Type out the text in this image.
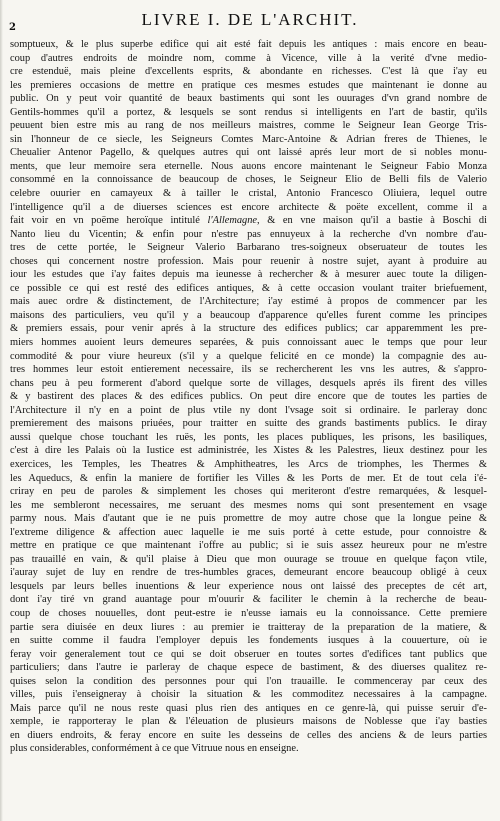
2	LIVRE I. DE L'ARCHIT.
somptueux, & le plus superbe edifice qui ait esté fait depuis les antiques : mais encore en beau-
coup d'autres endroits de moindre nom, comme à Vicence, ville à la verité d'vne medio-
cre estenduë, mais pleine d'excellents esprits, & abondante en richesses. C'est là que i'ay eu
les premieres occasions de mettre en pratique ces mesmes estudes que maintenant ie donne au
public. On y peut voir quantité de beaux bastiments qui sont les ouurages d'vn grand nombre de
Gentils-hommes qu'il a portez, & lesquels se sont rendus si intelligents en l'art de bastir, qu'ils
peuuent bien estre mis au rang de nos meilleurs maistres, comme le Seigneur Iean George Tris-
sin l'honneur de ce siecle, les Seigneurs Comtes Marc-Antoine & Adrian freres de Thienes, le
Cheualier Antenor Pagello, & quelques autres qui ont laissé aprés leur mort de si nobles monu-
ments, que leur memoire sera eternelle. Nous auons encore maintenant le Seigneur Fabio Monza
consommé en la connoissance de beaucoup de choses, le Seigneur Elio de Belli fils de Valerio
celebre ouurier en camayeux & à tailler le cristal, Antonio Francesco Oliuiera, lequel outre
l'intelligence qu'il a de diuerses sciences est encore architecte & poëte excellent, comme il a
fait voir en vn poëme heroïque intitulé l'Allemagne, & en vne maison qu'il a bastie à Boschi di
Nanto lieu du Vicentin; & enfin pour n'estre pas ennuyeux à la recherche d'vn nombre d'au-
tres de cette portée, le Seigneur Valerio Barbarano tres-soigneux obseruateur de toutes les
choses qui concernent nostre profession. Mais pour reuenir à nostre sujet, ayant à produire au
iour les estudes que i'ay faites depuis ma ieunesse à rechercher & à mesurer auec toute la diligen-
ce possible ce qui est resté des edifices antiques, & à cette occasion voulant traiter briefuement,
mais auec ordre & distinctement, de l'Architecture; i'ay estimé à propos de commencer par les
maisons des particuliers, veu qu'il y a beaucoup d'apparence qu'elles furent comme les principes
& premiers essais, pour venir aprés à la structure des edifices publics; car apparemment les pre-
miers hommes auoient leurs demeures separées, & puis connoissant auec le temps que pour leur
commodité & pour viure heureux (s'il y a quelque felicité en ce monde) la compagnie des au-
tres hommes leur estoit entierement necessaire, ils se rechercherent les vns les autres, & s'appro-
chans peu à peu formerent d'abord quelque sorte de villages, desquels aprés ils firent des villes
& y bastirent des places & des edifices publics. On peut dire encore que de toutes les parties de
l'Architecture il n'y en a point de plus vtile ny dont l'vsage soit si ordinaire. Ie parleray donc
premierement des maisons priuées, pour traitter en suitte des grands bastiments publics. Ie diray
aussi quelque chose touchant les ruës, les ponts, les places publiques, les prisons, les basiliques,
c'est à dire les Palais où la Iustice est administrée, les Xistes & les Palestres, lieux destinez pour les
exercices, les Temples, les Theatres & Amphitheatres, les Arcs de triomphes, les Thermes &
les Aqueducs, & enfin la maniere de fortifier les Villes & les Ports de mer. Et de tout cela i'é-
criray en peu de paroles & simplement les choses qui meriteront d'estre remarquées, & lesquel-
les me sembleront necessaires, me seruant des mesmes noms qui sont presentement en vsage
parmy nous. Mais d'autant que ie ne puis promettre de moy autre chose que la longue peine &
l'extreme diligence & affection auec laquelle ie me suis porté à cette estude, pour connoistre &
mettre en pratique ce que maintenant i'offre au public; si ie suis assez heureux pour ne m'estre
pas trauaillé en vain, & qu'il plaise à Dieu que mon ouurage se trouue en quelque façon vtile,
i'auray sujet de luy en rendre de tres-humbles graces, demeurant encore beaucoup obligé à ceux
lesquels par leurs belles inuentions & leur experience nous ont laissé des preceptes de cét art,
dont i'ay tiré vn grand auantage pour m'ouurir & faciliter le chemin à la recherche de beau-
coup de choses nouuelles, dont peut-estre ie n'eusse iamais eu la connoissance. Cette premiere
partie sera diuisée en deux liures : au premier ie traitteray de la preparation de la matiere, &
en suitte comme il faudra l'employer depuis les fondements iusques à la couuerture, où ie
feray voir generalement tout ce qui se doit obseruer en toutes sortes d'edifices tant publics que
particuliers; dans l'autre ie parleray de chaque espece de bastiment, & des diuerses qualitez re-
quises selon la condition des personnes pour qui l'on trauaille. Ie commenceray par ceux des
villes, puis i'enseigneray à choisir la situation & les commoditez necessaires à la campagne.
Mais parce qu'il ne nous reste quasi plus rien des antiques en ce genre-là, qui puisse seruir d'e-
xemple, ie rapporteray le plan & l'éleuation de plusieurs maisons de Noblesse que i'ay basties
en diuers endroits, & feray encore en suite les desseins de celles des anciens & de leurs parties
plus considerables, conformément à ce que Vitruue nous en enseigne.
